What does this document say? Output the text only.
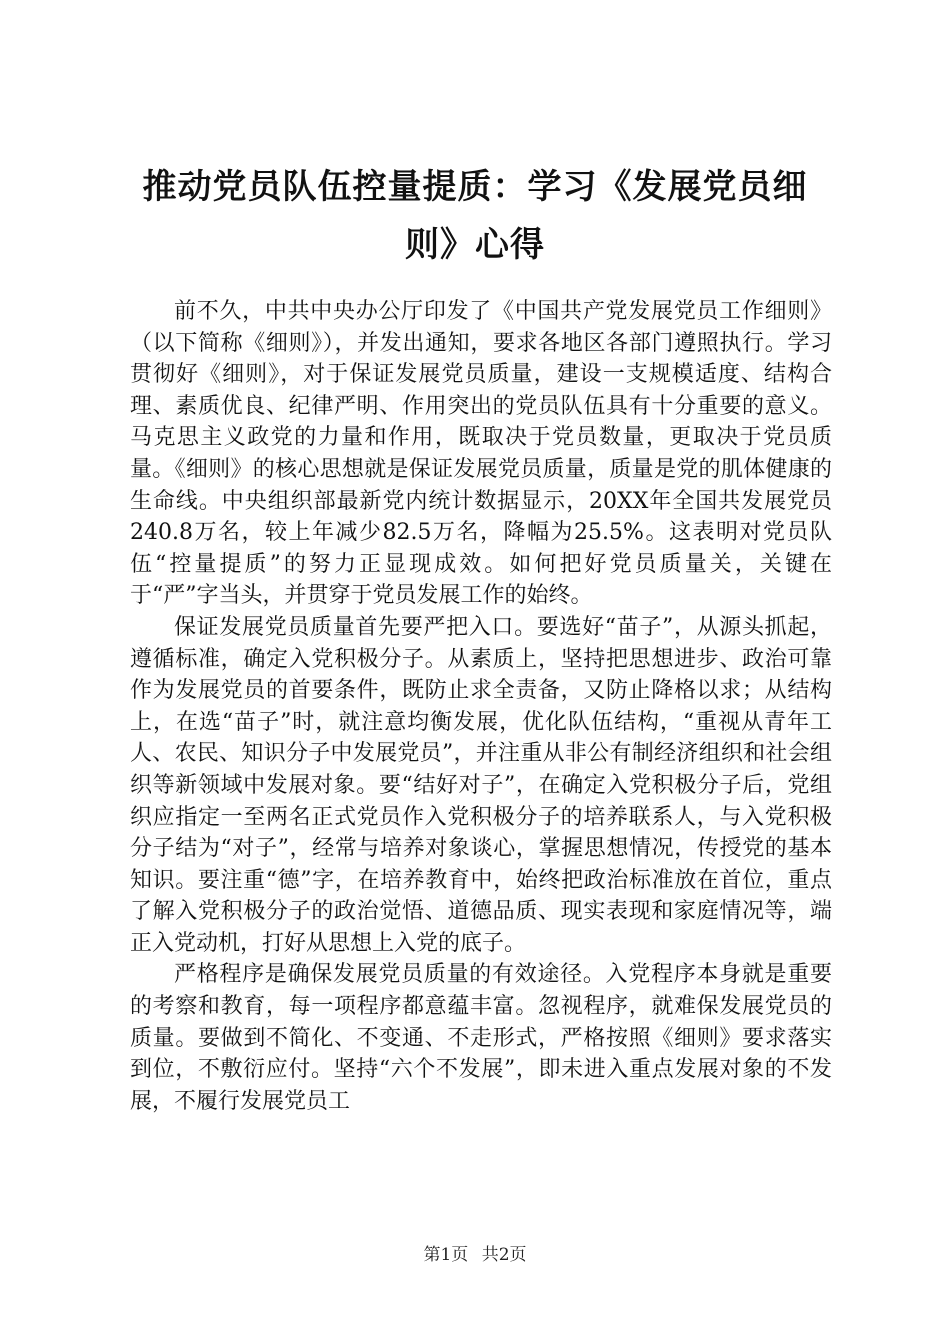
推动党员队伍控量提质：学习《发展党员细则》心得

前不久，中共中央办公厅印发了《中国共产党发展党员工作细则》（以下简称《细则》），并发出通知，要求各地区各部门遵照执行。学习贯彻好《细则》，对于保证发展党员质量，建设一支规模适度、结构合理、素质优良、纪律严明、作用突出的党员队伍具有十分重要的意义。马克思主义政党的力量和作用，既取决于党员数量，更取决于党员质量。《细则》的核心思想就是保证发展党员质量，质量是党的肌体健康的生命线。中央组织部最新党内统计数据显示，20XX年全国共发展党员240.8万名，较上年减少82.5万名，降幅为25.5%。这表明对党员队伍“控量提质”的努力正显现成效。如何把好党员质量关，关键在于“严”字当头，并贯穿于党员发展工作的始终。

保证发展党员质量首先要严把入口。要选好“苗子”，从源头抓起，遵循标准，确定入党积极分子。从素质上，坚持把思想进步、政治可靠作为发展党员的首要条件，既防止求全责备，又防止降格以求；从结构上，在选“苗子”时，就注意均衡发展，优化队伍结构，“重视从青年工人、农民、知识分子中发展党员”，并注重从非公有制经济组织和社会组织等新领域中发展对象。要“结好对子”，在确定入党积极分子后，党组织应指定一至两名正式党员作入党积极分子的培养联系人，与入党积极分子结为“对子”，经常与培养对象谈心，掌握思想情况，传授党的基本知识。要注重“德”字，在培养教育中，始终把政治标准放在首位，重点了解入党积极分子的政治觉悟、道德品质、现实表现和家庭情况等，端正入党动机，打好从思想上入党的底子。

严格程序是确保发展党员质量的有效途径。入党程序本身就是重要的考察和教育，每一项程序都意蕴丰富。忽视程序，就难保发展党员的质量。要做到不简化、不变通、不走形式，严格按照《细则》要求落实到位，不敷衍应付。坚持“六个不发展”，即未进入重点发展对象的不发展，不履行发展党员工

第1页 共2页
